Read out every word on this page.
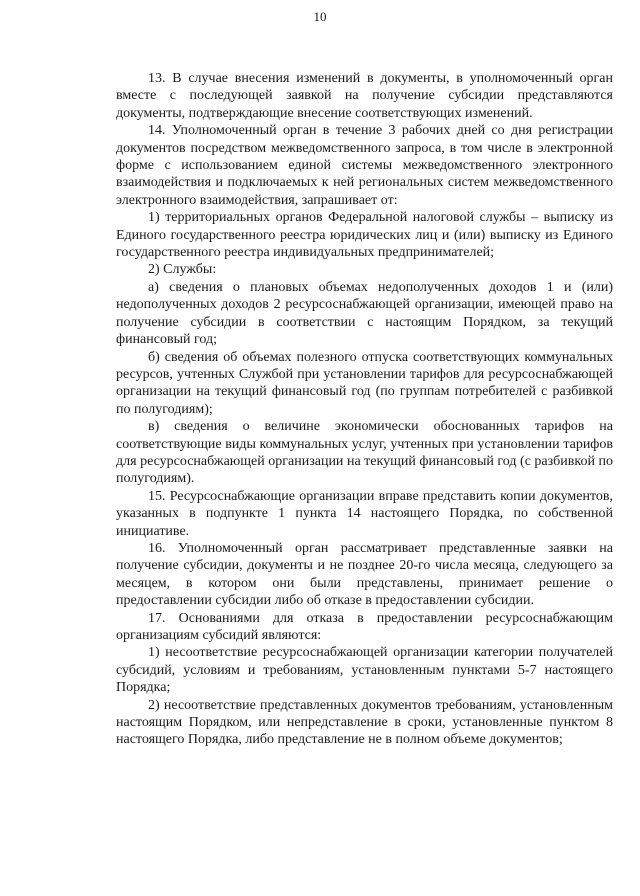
10

13. В случае внесения изменений в документы, в уполномоченный орган вместе с последующей заявкой на получение субсидии представляются документы, подтверждающие внесение соответствующих изменений.

14. Уполномоченный орган в течение 3 рабочих дней со дня регистрации документов посредством межведомственного запроса, в том числе в электронной форме с использованием единой системы межведомственного электронного взаимодействия и подключаемых к ней региональных систем межведомственного электронного взаимодействия, запрашивает от:

1) территориальных органов Федеральной налоговой службы – выписку из Единого государственного реестра юридических лиц и (или) выписку из Единого государственного реестра индивидуальных предпринимателей;

2) Службы:

а) сведения о плановых объемах недополученных доходов 1 и (или) недополученных доходов 2 ресурсоснабжающей организации, имеющей право на получение субсидии в соответствии с настоящим Порядком, за текущий финансовый год;

б) сведения об объемах полезного отпуска соответствующих коммунальных ресурсов, учтенных Службой при установлении тарифов для ресурсоснабжающей организации на текущий финансовый год (по группам потребителей с разбивкой по полугодиям);

в) сведения о величине экономически обоснованных тарифов на соответствующие виды коммунальных услуг, учтенных при установлении тарифов для ресурсоснабжающей организации на текущий финансовый год (с разбивкой по полугодиям).

15. Ресурсоснабжающие организации вправе представить копии документов, указанных в подпункте 1 пункта 14 настоящего Порядка, по собственной инициативе.

16. Уполномоченный орган рассматривает представленные заявки на получение субсидии, документы и не позднее 20-го числа месяца, следующего за месяцем, в котором они были представлены, принимает решение о предоставлении субсидии либо об отказе в предоставлении субсидии.

17. Основаниями для отказа в предоставлении ресурсоснабжающим организациям субсидий являются:

1) несоответствие ресурсоснабжающей организации категории получателей субсидий, условиям и требованиям, установленным пунктами 5-7 настоящего Порядка;

2) несоответствие представленных документов требованиям, установленным настоящим Порядком, или непредставление в сроки, установленные пунктом 8 настоящего Порядка, либо представление не в полном объеме документов;
